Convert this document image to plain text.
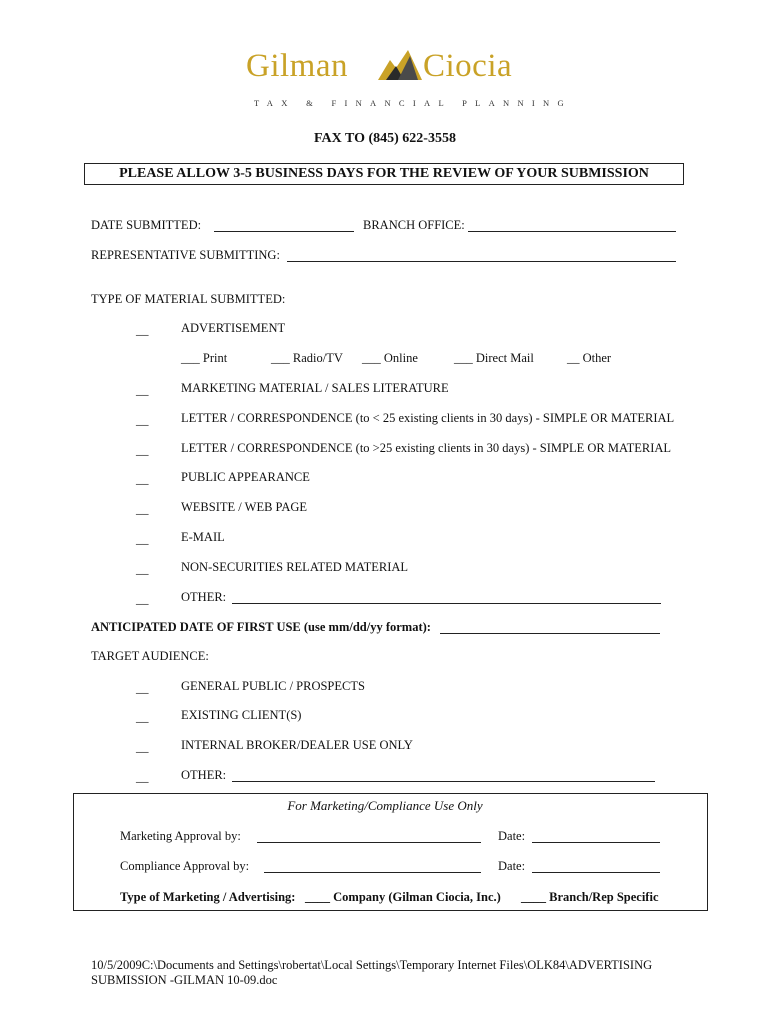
Gilman Ciocia
TAX & FINANCIAL PLANNING
FAX TO (845) 622-3558
PLEASE ALLOW 3-5 BUSINESS DAYS FOR THE REVIEW OF YOUR SUBMISSION
DATE SUBMITTED:	BRANCH OFFICE:
REPRESENTATIVE SUBMITTING:
TYPE OF MATERIAL SUBMITTED:
__	ADVERTISEMENT
___ Print	___ Radio/TV ___ Online	___ Direct Mail	__ Other
__	MARKETING MATERIAL / SALES LITERATURE
__	LETTER / CORRESPONDENCE (to < 25 existing clients in 30 days) - SIMPLE OR MATERIAL
__	LETTER / CORRESPONDENCE (to >25 existing clients in 30 days) - SIMPLE OR MATERIAL
__	PUBLIC APPEARANCE
__	WEBSITE / WEB PAGE
__	E-MAIL
__	NON-SECURITIES RELATED MATERIAL
__	OTHER:
ANTICIPATED DATE OF FIRST USE (use mm/dd/yy format):
TARGET AUDIENCE:
__	GENERAL PUBLIC / PROSPECTS
__	EXISTING CLIENT(S)
__	INTERNAL BROKER/DEALER USE ONLY
__	OTHER:
For Marketing/Compliance Use Only
Marketing Approval by:	Date:
Compliance Approval by:	Date:
Type of Marketing / Advertising: ____ Company (Gilman Ciocia, Inc.) ____ Branch/Rep Specific
10/5/2009C:\Documents and Settings\robertat\Local Settings\Temporary Internet Files\OLK84\ADVERTISING
SUBMISSION -GILMAN 10-09.doc
